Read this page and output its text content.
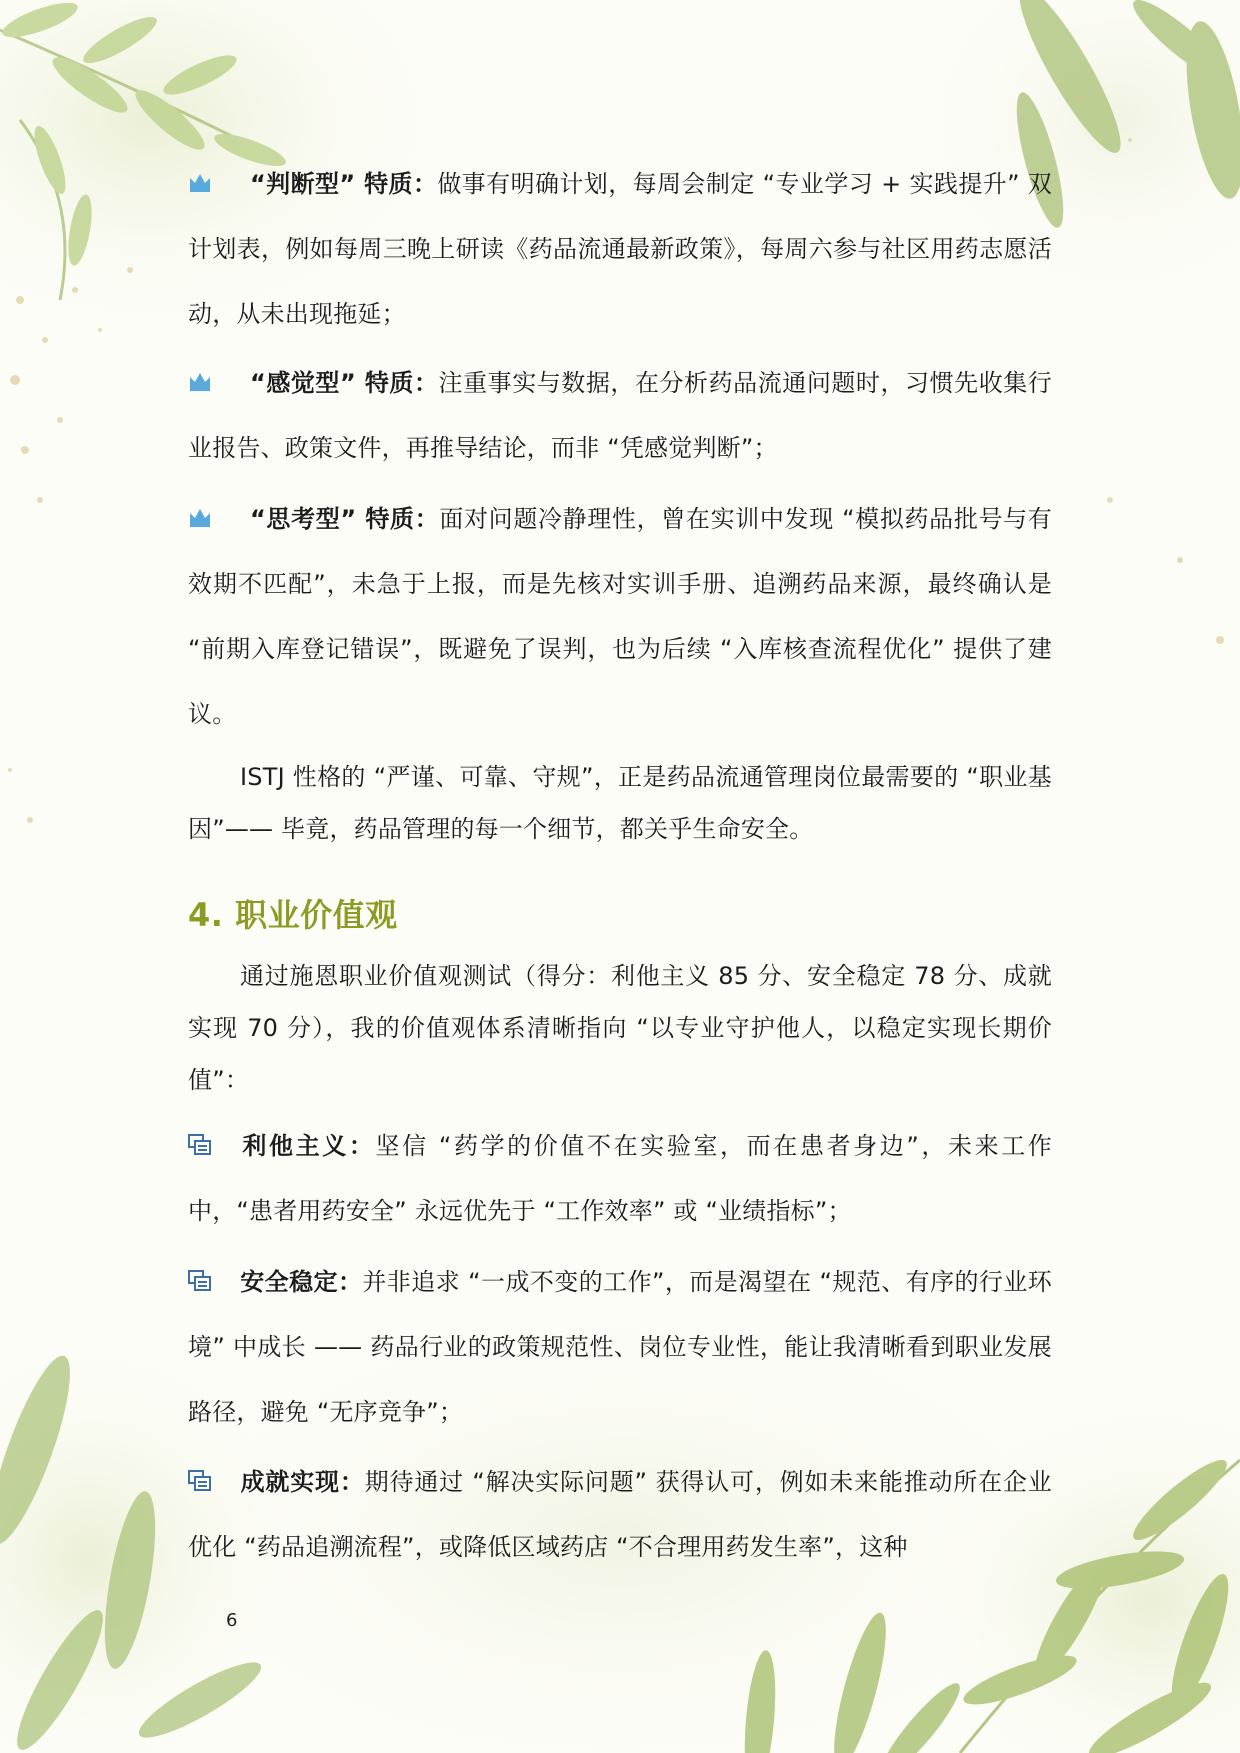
“判断型” 特质：做事有明确计划，每周会制定 “专业学习 + 实践提升” 双计划表，例如每周三晚上研读《药品流通最新政策》，每周六参与社区用药志愿活动，从未出现拖延；
“感觉型” 特质：注重事实与数据，在分析药品流通问题时，习惯先收集行业报告、政策文件，再推导结论，而非 “凭感觉判断”；
“思考型” 特质：面对问题冷静理性，曾在实训中发现 “模拟药品批号与有效期不匹配”，未急于上报，而是先核对实训手册、追溯药品来源，最终确认是 “前期入库登记错误”，既避免了误判，也为后续 “入库核查流程优化” 提供了建议。
ISTJ 性格的 “严谨、可靠、守规”，正是药品流通管理岗位最需要的 “职业基因”—— 毕竟，药品管理的每一个细节，都关乎生命安全。
4. 职业价值观
通过施恩职业价值观测试（得分：利他主义 85 分、安全稳定 78 分、成就实现 70 分），我的价值观体系清晰指向 “以专业守护他人，以稳定实现长期价值”：
利他主义：坚信 “药学的价值不在实验室，而在患者身边”，未来工作中，“患者用药安全” 永远优先于 “工作效率” 或 “业绩指标”；
安全稳定：并非追求 “一成不变的工作”，而是渴望在 “规范、有序的行业环境” 中成长 —— 药品行业的政策规范性、岗位专业性，能让我清晰看到职业发展路径，避免 “无序竞争”；
成就实现：期待通过 “解决实际问题” 获得认可，例如未来能推动所在企业优化 “药品追溯流程”，或降低区域药店 “不合理用药发生率”，这种
6
